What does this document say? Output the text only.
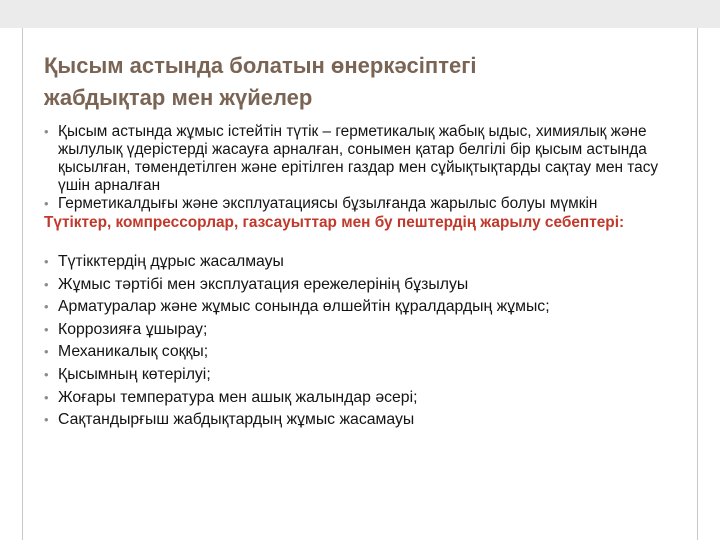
Қысым астында болатын өнеркәсіптегі
жабдықтар мен жүйелер
• Қысым астында жұмыс істейтін түтік – герметикалық жабық ыдыс, химиялық және жылулық үдерістерді жасауға арналған, сонымен қатар белгілі бір қысым астында қысылған, төмендетілген және ерітілген газдар мен сұйықтықтарды сақтау мен тасу үшін арналған
• Герметикалдығы және эксплуатациясы бұзылғанда жарылыс болуы мүмкін
Түтіктер, компрессорлар, газсауыттар мен бу пештердің жарылу себептері:
• Түтікктердің дұрыс жасалмауы
• Жұмыс тәртібі мен эксплуатация ережелерінің бұзылуы
• Арматуралар және жұмыс сонында өлшейтін құралдардың жұмыс;
• Коррозияға ұшырау;
• Механикалық соққы;
• Қысымның көтерілуі;
• Жоғары температура мен ашық жалындар әсері;
• Сақтандырғыш жабдықтардың жұмыс жасамауы
